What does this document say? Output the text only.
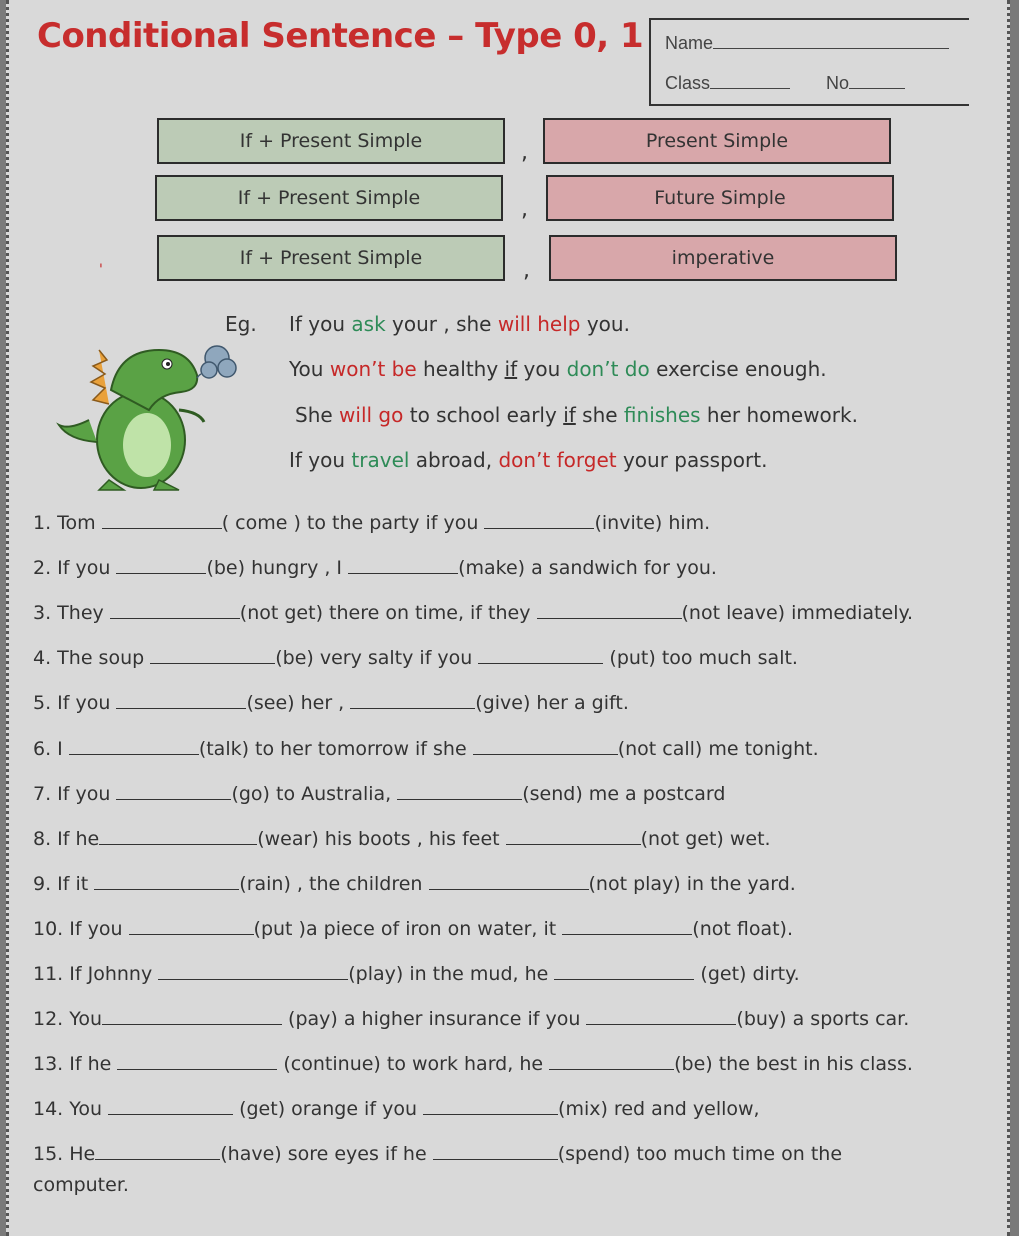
Conditional Sentence – Type 0, 1 Name
Class	No
If + Present Simple	,	Present Simple
If + Present Simple	,	Future Simple
If + Present Simple	,	imperative
'
Eg. If you ask your , she will help you.
You won’t be healthy if you don’t do exercise enough.
She will go to school early if she finishes her homework.
If you travel abroad, don’t forget your passport.
1. Tom	( come ) to the party if you	(invite) him.
2. If you	(be) hungry , I	(make) a sandwich for you.
3. They	(not get) there on time, if they	(not leave) immediately.
4. The soup	(be) very salty if you	(put) too much salt.
5. If you	(see) her ,	(give) her a gift.
6. I	(talk) to her tomorrow if she	(not call) me tonight.
7. If you	(go) to Australia,	(send) me a postcard
8. If he	(wear) his boots , his feet	(not get) wet.
9. If it	(rain) , the children	(not play) in the yard.
10. If you	(put )a piece of iron on water, it	(not float).
11. If Johnny	(play) in the mud, he	(get) dirty.
12. You	(pay) a higher insurance if you	(buy) a sports car.
13. If he	(continue) to work hard, he	(be) the best in his class.
14. You	(get) orange if you	(mix) red and yellow,
15. He	(have) sore eyes if he	(spend) too much time on the
computer.
